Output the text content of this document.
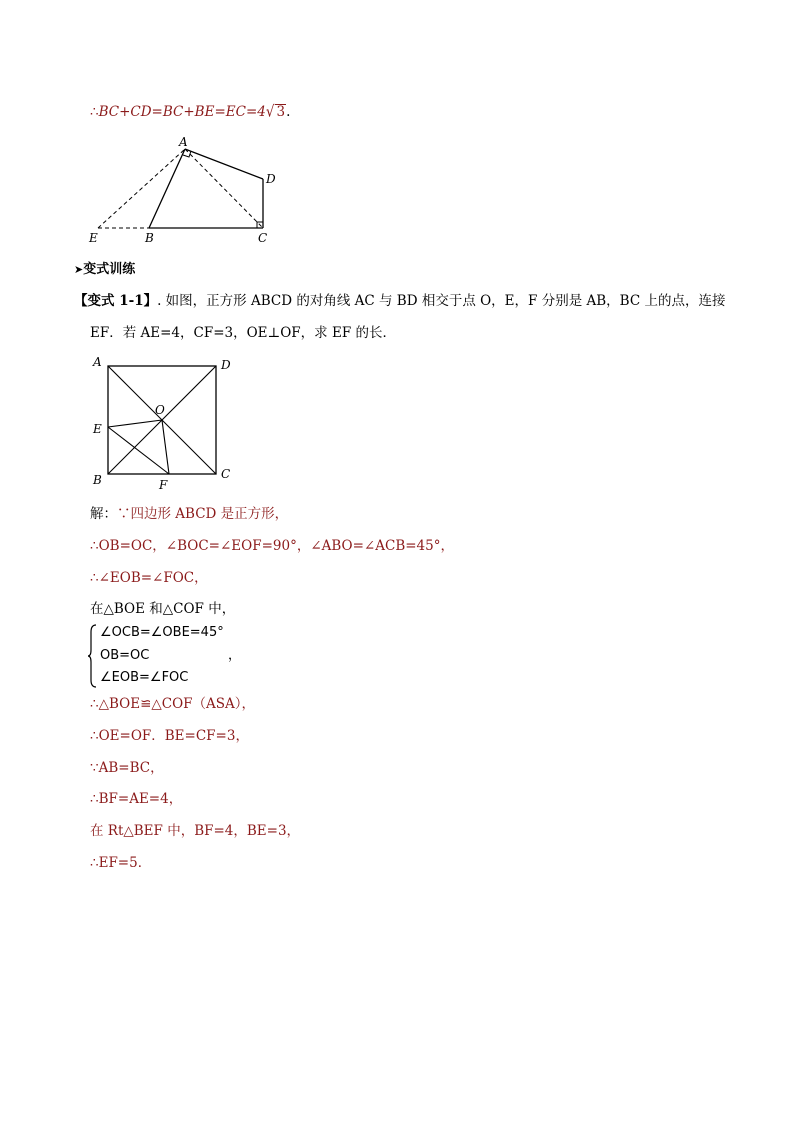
∴BC+CD=BC+BE=EC=4√ 3.
A
D
E	B	C
➤变式训练
【变式 1-1】. 如图，正方形 ABCD 的对角线 AC 与 BD 相交于点 O，E，F 分别是 AB，BC 上的点，连接
EF．若 AE=4，CF=3，OE⊥OF，求 EF 的长．
A	D
O
E
B	C
F
解：∵四边形 ABCD 是正方形，
∴OB=OC，∠BOC=∠EOF=90°，∠ABO=∠ACB=45°，
∴∠EOB=∠FOC，
在△BOE 和△COF 中，
∠OCB=∠OBE=45°
OB=OC
∠EOB=∠FOC
，
∴△BOE≌△COF（ASA），
∴OE=OF．BE=CF=3，
∵AB=BC，
∴BF=AE=4，
在 Rt△BEF 中，BF=4，BE=3，
∴EF=5．
